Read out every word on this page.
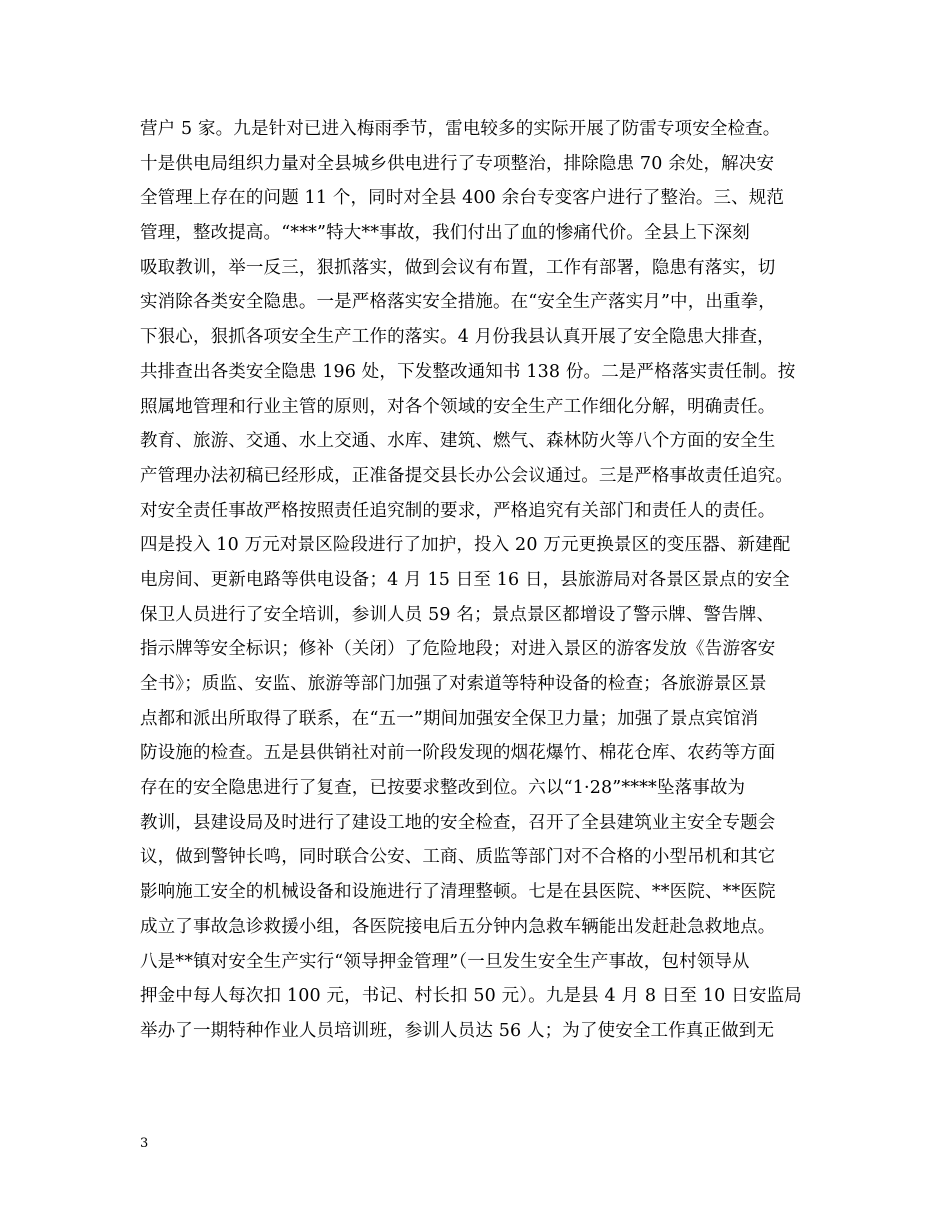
营户 5 家。九是针对已进入梅雨季节，雷电较多的实际开展了防雷专项安全检查。
十是供电局组织力量对全县城乡供电进行了专项整治，排除隐患 70 余处，解决安
全管理上存在的问题 11 个，同时对全县 400 余台专变客户进行了整治。三、规范
管理，整改提高。“***”特大**事故，我们付出了血的惨痛代价。全县上下深刻
吸取教训，举一反三，狠抓落实，做到会议有布置，工作有部署，隐患有落实，切
实消除各类安全隐患。一是严格落实安全措施。在“安全生产落实月”中，出重拳，
下狠心，狠抓各项安全生产工作的落实。4 月份我县认真开展了安全隐患大排查，
共排查出各类安全隐患 196 处，下发整改通知书 138 份。二是严格落实责任制。按
照属地管理和行业主管的原则，对各个领域的安全生产工作细化分解，明确责任。
教育、旅游、交通、水上交通、水库、建筑、燃气、森林防火等八个方面的安全生
产管理办法初稿已经形成，正准备提交县长办公会议通过。三是严格事故责任追究。
对安全责任事故严格按照责任追究制的要求，严格追究有关部门和责任人的责任。
四是投入 10 万元对景区险段进行了加护，投入 20 万元更换景区的变压器、新建配
电房间、更新电路等供电设备；4 月 15 日至 16 日，县旅游局对各景区景点的安全
保卫人员进行了安全培训，参训人员 59 名；景点景区都增设了警示牌、警告牌、
指示牌等安全标识；修补（关闭）了危险地段；对进入景区的游客发放《告游客安
全书》；质监、安监、旅游等部门加强了对索道等特种设备的检查；各旅游景区景
点都和派出所取得了联系，在“五一”期间加强安全保卫力量；加强了景点宾馆消
防设施的检查。五是县供销社对前一阶段发现的烟花爆竹、棉花仓库、农药等方面
存在的安全隐患进行了复查，已按要求整改到位。六以“1·28”****坠落事故为
教训，县建设局及时进行了建设工地的安全检查，召开了全县建筑业主安全专题会
议，做到警钟长鸣，同时联合公安、工商、质监等部门对不合格的小型吊机和其它
影响施工安全的机械设备和设施进行了清理整顿。七是在县医院、**医院、**医院
成立了事故急诊救援小组，各医院接电后五分钟内急救车辆能出发赶赴急救地点。
八是**镇对安全生产实行“领导押金管理”（一旦发生安全生产事故，包村领导从
押金中每人每次扣 100 元，书记、村长扣 50 元）。九是县 4 月 8 日至 10 日安监局
举办了一期特种作业人员培训班，参训人员达 56 人；为了使安全工作真正做到无
3
